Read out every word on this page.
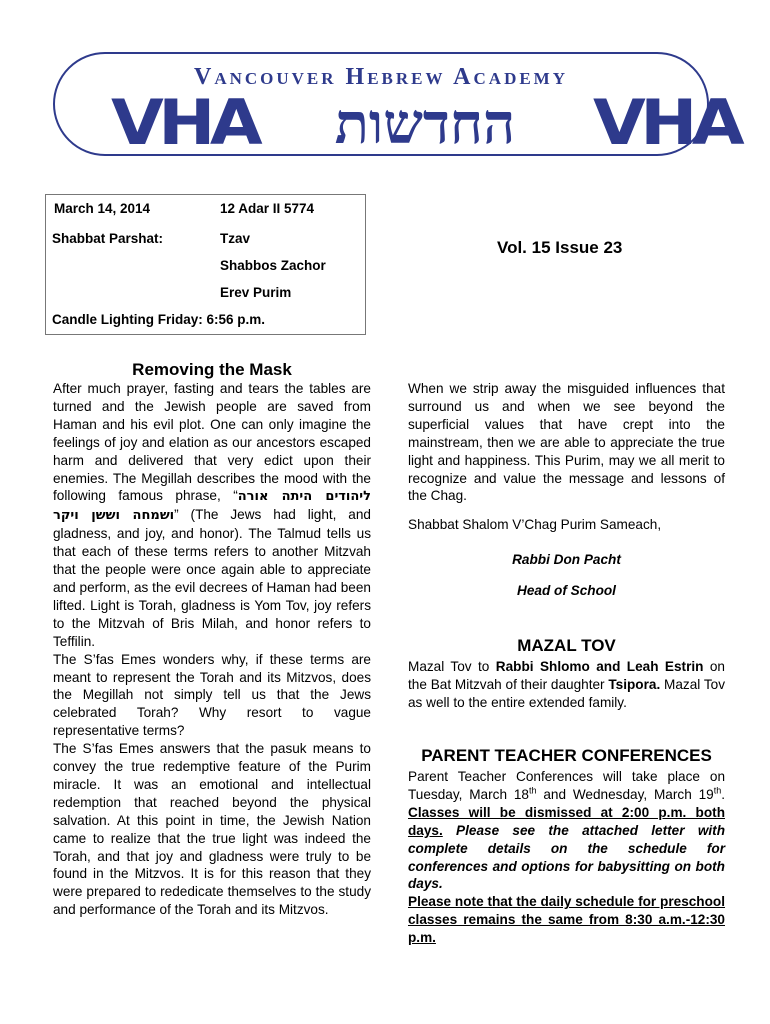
Vancouver Hebrew Academy
VHA	החדשות	VHA
March 14, 2014	12 Adar II 5774
Shabbat Parshat:	Tzav
Shabbos Zachor
Erev Purim
Candle Lighting Friday: 6:56 p.m.
Vol. 15 Issue 23
Removing the Mask

After much prayer, fasting and tears the tables are turned and the Jewish people are saved from Haman and his evil plot. One can only imagine the feelings of joy and elation as our ancestors escaped harm and delivered that very edict upon their enemies. The Megillah describes the mood with the following famous phrase, “ליהודים היתה אורה ושמחה וששן ויקר” (The Jews had light, and gladness, and joy, and honor). The Talmud tells us that each of these terms refers to another Mitzvah that the people were once again able to appreciate and perform, as the evil decrees of Haman had been lifted. Light is Torah, gladness is Yom Tov, joy refers to the Mitzvah of Bris Milah, and honor refers to Teffilin.

The S’fas Emes wonders why, if these terms are meant to represent the Torah and its Mitzvos, does the Megillah not simply tell us that the Jews celebrated Torah? Why resort to vague representative terms?

The S’fas Emes answers that the pasuk means to convey the true redemptive feature of the Purim miracle. It was an emotional and intellectual redemption that reached beyond the physical salvation. At this point in time, the Jewish Nation came to realize that the true light was indeed the Torah, and that joy and gladness were truly to be found in the Mitzvos. It is for this reason that they were prepared to rededicate themselves to the study and performance of the Torah and its Mitzvos.

When we strip away the misguided influences that surround us and when we see beyond the superficial values that have crept into the mainstream, then we are able to appreciate the true light and happiness. This Purim, may we all merit to recognize and value the message and lessons of the Chag.
Shabbat Shalom V’Chag Purim Sameach,
Rabbi Don Pacht
Head of School
MAZAL TOV
Mazal Tov to Rabbi Shlomo and Leah Estrin on the Bat Mitzvah of their daughter Tsipora. Mazal Tov as well to the entire extended family.
PARENT TEACHER CONFERENCES
Parent Teacher Conferences will take place on Tuesday, March 18th and Wednesday, March 19th. Classes will be dismissed at 2:00 p.m. both days. Please see the attached letter with complete details on the schedule for conferences and options for babysitting on both days.
Please note that the daily schedule for preschool classes remains the same from 8:30 a.m.-12:30 p.m.
